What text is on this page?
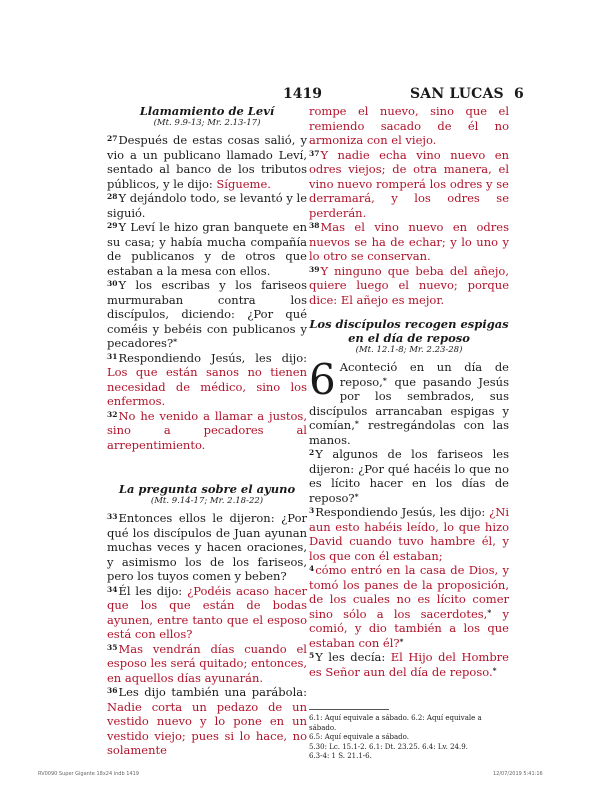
1419	SAN LUCAS 6

Llamamiento de Leví

(Mt. 9.9-13; Mr. 2.13-17)

$^{27}$Después de estas cosas salió, y vio a un publicano llamado Leví, sentado al banco de los tributos públicos, y le dijo: Sígueme.

$^{28}$Y dejándolo todo, se levantó y le siguió.

$^{29}$Y Leví le hizo gran banquete en su casa; y había mucha compañía de publicanos y de otros que estaban a la mesa con ellos.

$^{30}$Y los escribas y los fariseos murmuraban contra los discípulos, diciendo: ¿Por qué coméis y bebéis con publicanos y pecadores?*

$^{31}$Respondiendo Jesús, les dijo: Los que están sanos no tienen necesidad de médico, sino los enfermos.

$^{32}$No he venido a llamar a justos, sino a pecadores al arrepentimiento.

La pregunta sobre el ayuno

(Mt. 9.14-17; Mr. 2.18-22)

$^{33}$Entonces ellos le dijeron: ¿Por qué los discípulos de Juan ayunan muchas veces y hacen oraciones, y asimismo los de los fariseos, pero los tuyos comen y beben?

$^{34}$Él les dijo: ¿Podéis acaso hacer que los que están de bodas ayunen, entre tanto que el esposo está con ellos?

$^{35}$Mas vendrán días cuando el esposo les será quitado; entonces, en aquellos días ayunarán.

$^{36}$Les dijo también una parábola: Nadie corta un pedazo de un vestido nuevo y lo pone en un vestido viejo; pues si lo hace, no solamente

rompe el nuevo, sino que el remiendo sacado de él no armoniza con el viejo.

$^{37}$Y nadie echa vino nuevo en odres viejos; de otra manera, el vino nuevo romperá los odres y se derramará, y los odres se perderán.

$^{38}$Mas el vino nuevo en odres nuevos se ha de echar; y lo uno y lo otro se conservan.

$^{39}$Y ninguno que beba del añejo, quiere luego el nuevo; porque dice: El añejo es mejor.

Los discípulos recogen espigas en el día de reposo

(Mt. 12.1-8; Mr. 2.23-28)

6 Aconteció en un día de reposo,* que pasando Jesús por los sembrados, sus discípulos arrancaban espigas y comían,* restregándolas con las manos.

$^2$Y algunos de los fariseos les dijeron: ¿Por qué hacéis lo que no es lícito hacer en los días de reposo?*

$^3$Respondiendo Jesús, les dijo: ¿Ni aun esto habéis leído, lo que hizo David cuando tuvo hambre él, y los que con él estaban;

$^4$cómo entró en la casa de Dios, y tomó los panes de la proposición, de los cuales no es lícito comer sino sólo a los sacerdotes,* y comió, y dio también a los que estaban con él?*

$^5$Y les decía: El Hijo del Hombre es Señor aun del día de reposo.*

6.1: Aquí equivale a sábado. 6.2: Aquí equivale a sábado.

6.5: Aquí equivale a sábado.

5.30: Lc. 15.1-2. 6.1: Dt. 23.25. 6.4: Lv. 24.9.

6.3-4: 1 S. 21.1-6.

RV0090 Super Gigante 18x24 indb 1419	12/07/2019 5:41:16
